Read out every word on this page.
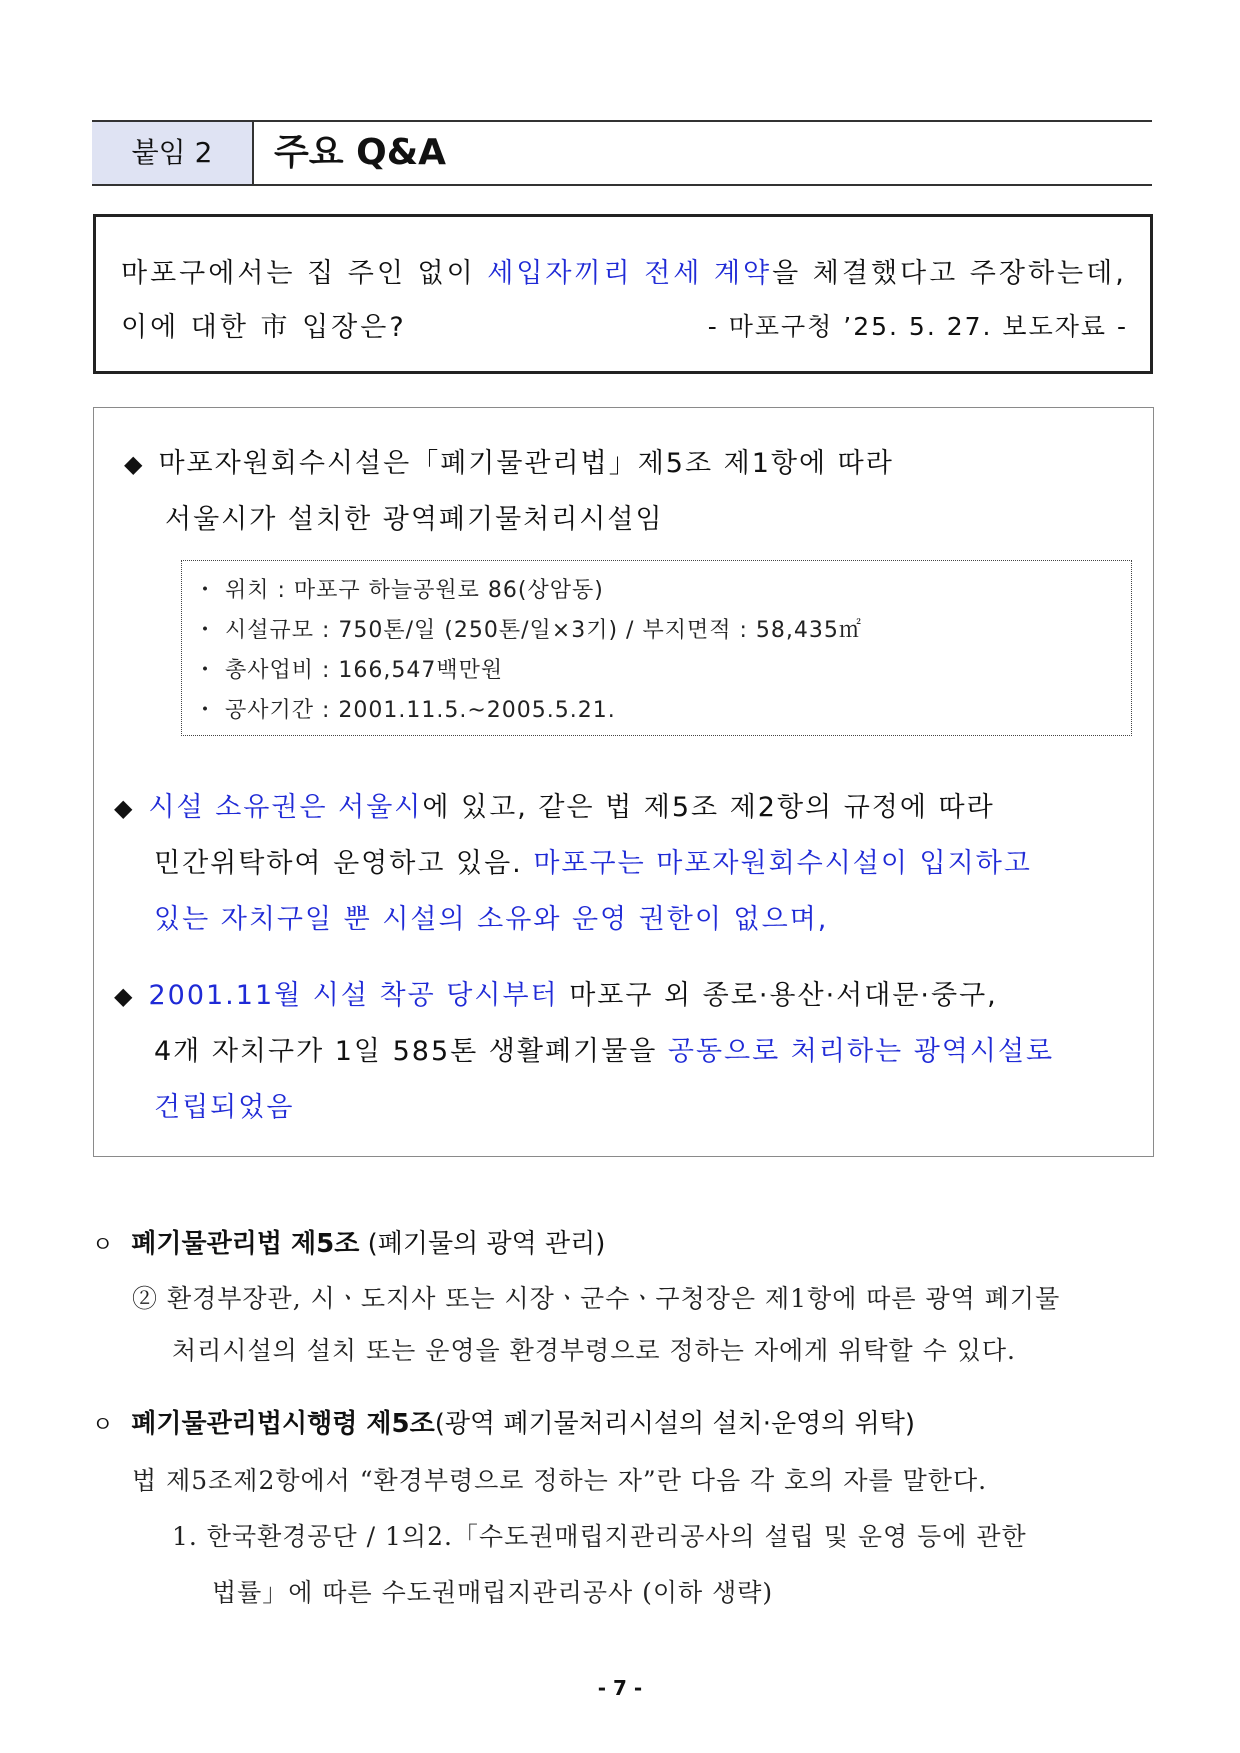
붙임 2	주요 Q&A
마포구에서는 집 주인 없이 세입자끼리 전세 계약을 체결했다고 주장하는데,
이에 대한 市 입장은?	- 마포구청 ’25. 5. 27. 보도자료 -
◆ 마포자원회수시설은「폐기물관리법」제5조 제1항에 따라
서울시가 설치한 광역폐기물처리시설임
・ 위치 : 마포구 하늘공원로 86(상암동)
・ 시설규모 : 750톤/일 (250톤/일×3기) / 부지면적 : 58,435㎡
・ 총사업비 : 166,547백만원
・ 공사기간 : 2001.11.5.~2005.5.21.
◆ 시설 소유권은 서울시에 있고, 같은 법 제5조 제2항의 규정에 따라
민간위탁하여 운영하고 있음. 마포구는 마포자원회수시설이 입지하고
있는 자치구일 뿐 시설의 소유와 운영 권한이 없으며,
◆ 2001.11월 시설 착공 당시부터 마포구 외 종로·용산·서대문·중구,
4개 자치구가 1일 585톤 생활폐기물을 공동으로 처리하는 광역시설로
건립되었음
ㅇ 폐기물관리법 제5조 (폐기물의 광역 관리)
② 환경부장관, 시ㆍ도지사 또는 시장ㆍ군수ㆍ구청장은 제1항에 따른 광역 폐기물
처리시설의 설치 또는 운영을 환경부령으로 정하는 자에게 위탁할 수 있다.
ㅇ 폐기물관리법시행령 제5조(광역 폐기물처리시설의 설치·운영의 위탁)
법 제5조제2항에서 “환경부령으로 정하는 자”란 다음 각 호의 자를 말한다.
1. 한국환경공단 / 1의2.「수도권매립지관리공사의 설립 및 운영 등에 관한
법률」에 따른 수도권매립지관리공사 (이하 생략)
- 7 -
